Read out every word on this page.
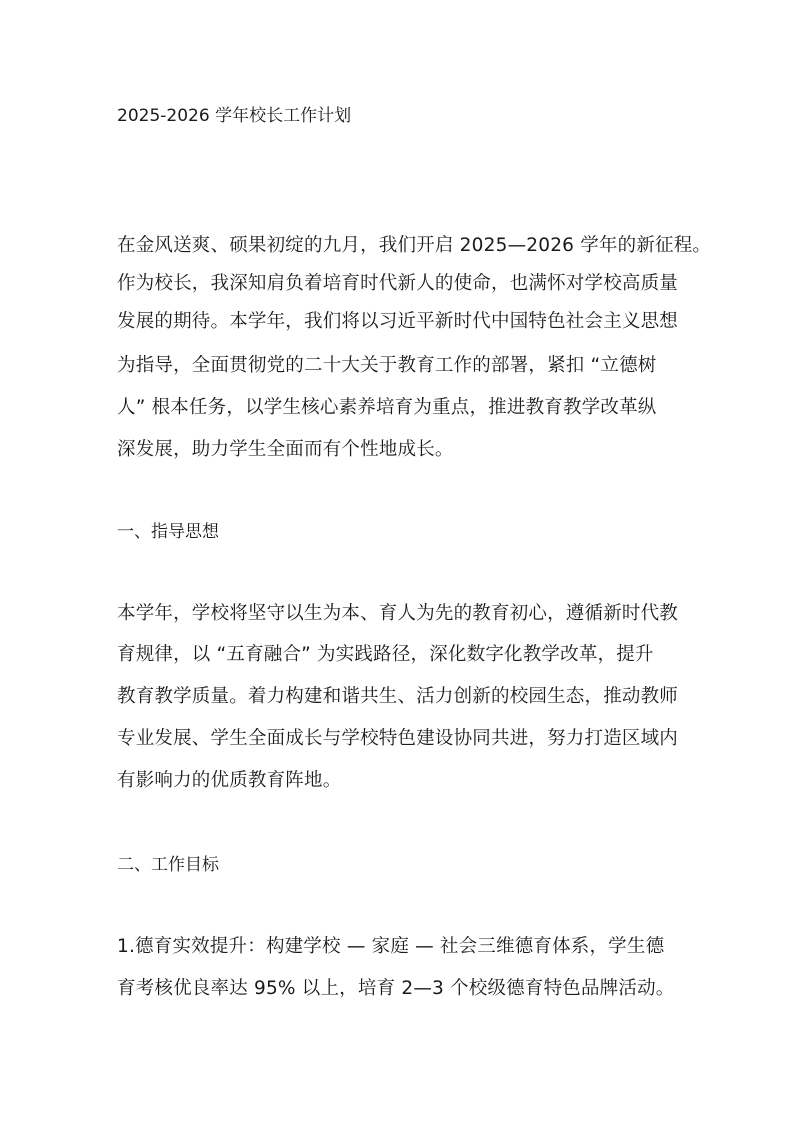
2025-2026 学年校长工作计划
在金风送爽、硕果初绽的九月，我们开启 2025—2026 学年的新征程。
作为校长，我深知肩负着培育时代新人的使命，也满怀对学校高质量
发展的期待。本学年，我们将以习近平新时代中国特色社会主义思想
为指导，全面贯彻党的二十大关于教育工作的部署，紧扣 “立德树
人” 根本任务，以学生核心素养培育为重点，推进教育教学改革纵
深发展，助力学生全面而有个性地成长。
一、指导思想
本学年，学校将坚守以生为本、育人为先的教育初心，遵循新时代教
育规律，以 “五育融合” 为实践路径，深化数字化教学改革，提升
教育教学质量。着力构建和谐共生、活力创新的校园生态，推动教师
专业发展、学生全面成长与学校特色建设协同共进，努力打造区域内
有影响力的优质教育阵地。
二、工作目标
1.德育实效提升：构建学校 — 家庭 — 社会三维德育体系，学生德
育考核优良率达 95% 以上，培育 2—3 个校级德育特色品牌活动。
